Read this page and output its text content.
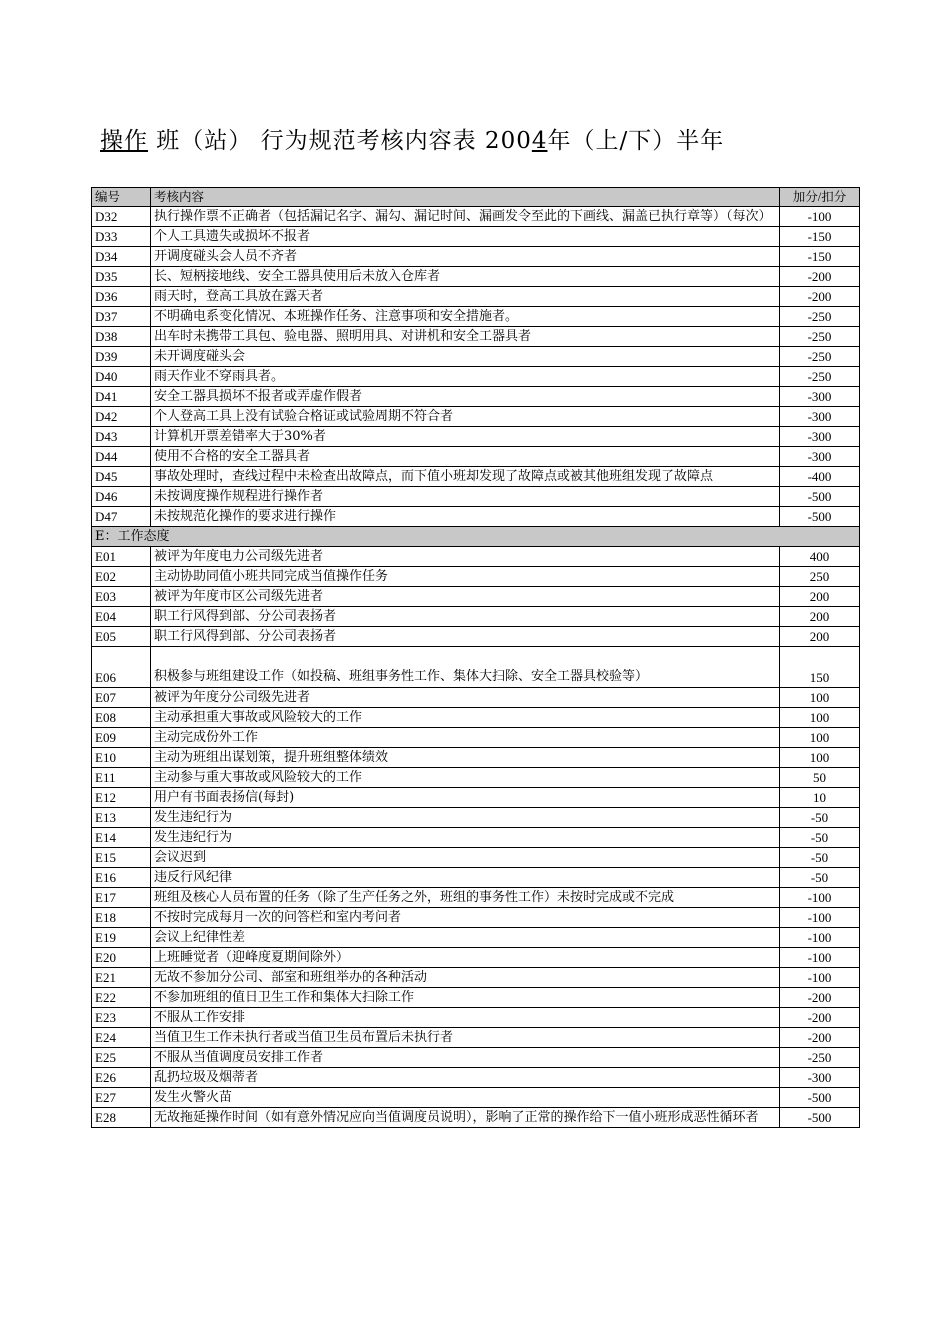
操作 班（站） 行为规范考核内容表 2004年（上/下）半年
编号	考核内容	加分/扣分
D32	执行操作票不正确者（包括漏记名字、漏勾、漏记时间、漏画发令至此的下画线、漏盖已执行章等）（每次）	-100
D33	个人工具遗失或损坏不报者	-150
D34	开调度碰头会人员不齐者	-150
D35	长、短柄接地线、安全工器具使用后未放入仓库者	-200
D36	雨天时，登高工具放在露天者	-200
D37	不明确电系变化情况、本班操作任务、注意事项和安全措施者。	-250
D38	出车时未携带工具包、验电器、照明用具、对讲机和安全工器具者	-250
D39	未开调度碰头会	-250
D40	雨天作业不穿雨具者。	-250
D41	安全工器具损坏不报者或弄虚作假者	-300
D42	个人登高工具上没有试验合格证或试验周期不符合者	-300
D43	计算机开票差错率大于30%者	-300
D44	使用不合格的安全工器具者	-300
D45	事故处理时，查线过程中未检查出故障点，而下值小班却发现了故障点或被其他班组发现了故障点	-400
D46	未按调度操作规程进行操作者	-500
D47	未按规范化操作的要求进行操作	-500
E：工作态度		
E01	被评为年度电力公司级先进者	400
E02	主动协助同值小班共同完成当值操作任务	250
E03	被评为年度市区公司级先进者	200
E04	职工行风得到部、分公司表扬者	200
E05	职工行风得到部、分公司表扬者	200
E06	积极参与班组建设工作（如投稿、班组事务性工作、集体大扫除、安全工器具校验等）	150
E07	被评为年度分公司级先进者	100
E08	主动承担重大事故或风险较大的工作	100
E09	主动完成份外工作	100
E10	主动为班组出谋划策，提升班组整体绩效	100
E11	主动参与重大事故或风险较大的工作	50
E12	用户有书面表扬信(每封)	10
E13	发生违纪行为	-50
E14	发生违纪行为	-50
E15	会议迟到	-50
E16	违反行风纪律	-50
E17	班组及核心人员布置的任务（除了生产任务之外，班组的事务性工作）未按时完成或不完成	-100
E18	不按时完成每月一次的问答栏和室内考问者	-100
E19	会议上纪律性差	-100
E20	上班睡觉者（迎峰度夏期间除外）	-100
E21	无故不参加分公司、部室和班组举办的各种活动	-100
E22	不参加班组的值日卫生工作和集体大扫除工作	-200
E23	不服从工作安排	-200
E24	当值卫生工作未执行者或当值卫生员布置后未执行者	-200
E25	不服从当值调度员安排工作者	-250
E26	乱扔垃圾及烟蒂者	-300
E27	发生火警火苗	-500
E28	无故拖延操作时间（如有意外情况应向当值调度员说明），影响了正常的操作给下一值小班形成恶性循环者	-500
